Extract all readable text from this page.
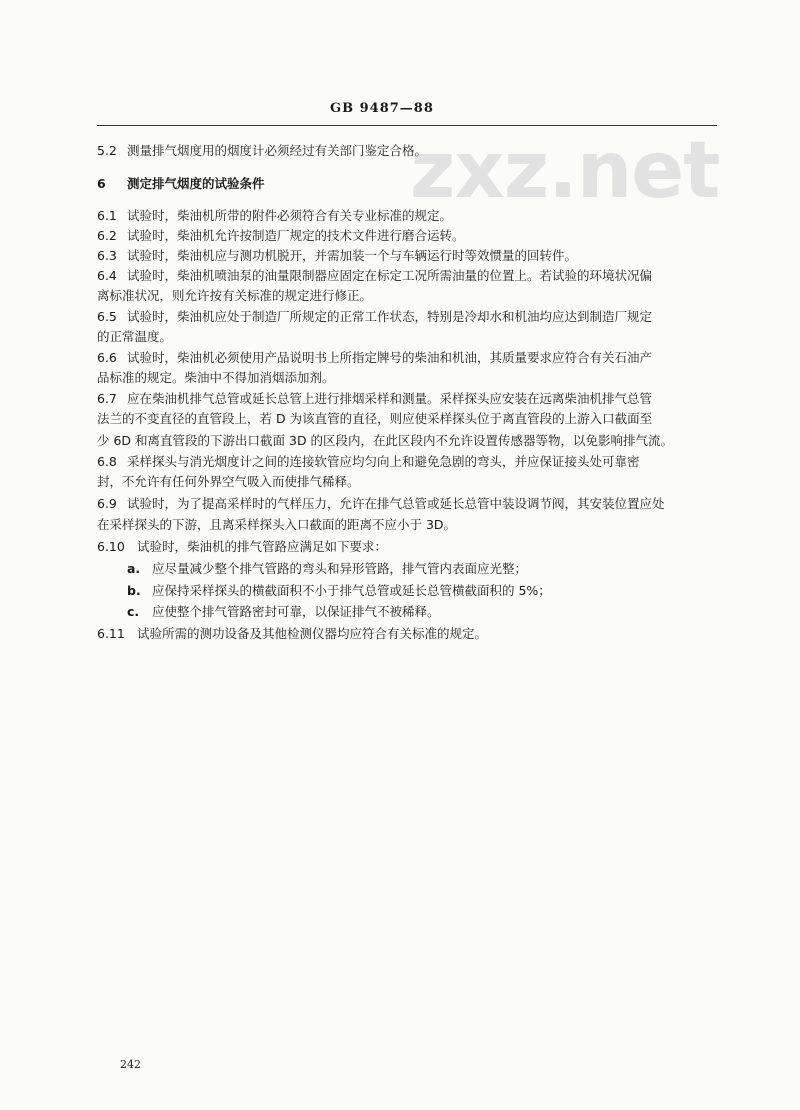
zxz.net
GB 9487—88
5.2 测量排气烟度用的烟度计必须经过有关部门鉴定合格。
6 测定排气烟度的试验条件
6.1 试验时，柴油机所带的附件必须符合有关专业标准的规定。
6.2 试验时，柴油机允许按制造厂规定的技术文件进行磨合运转。
6.3 试验时，柴油机应与测功机脱开，并需加装一个与车辆运行时等效惯量的回转件。
6.4 试验时，柴油机喷油泵的油量限制器应固定在标定工况所需油量的位置上。若试验的环境状况偏
离标准状况，则允许按有关标准的规定进行修正。
6.5 试验时，柴油机应处于制造厂所规定的正常工作状态，特别是冷却水和机油均应达到制造厂规定
的正常温度。
6.6 试验时，柴油机必须使用产品说明书上所指定牌号的柴油和机油，其质量要求应符合有关石油产
品标准的规定。柴油中不得加消烟添加剂。
6.7 应在柴油机排气总管或延长总管上进行排烟采样和测量。采样探头应安装在远离柴油机排气总管
法兰的不变直径的直管段上，若 D 为该直管的直径，则应使采样探头位于离直管段的上游入口截面至
少 6D 和离直管段的下游出口截面 3D 的区段内，在此区段内不允许设置传感器等物，以免影响排气流。
6.8 采样探头与消光烟度计之间的连接软管应均匀向上和避免急剧的弯头，并应保证接头处可靠密
封，不允许有任何外界空气吸入而使排气稀释。
6.9 试验时，为了提高采样时的气样压力，允许在排气总管或延长总管中装设调节阀，其安装位置应处
在采样探头的下游，且离采样探头入口截面的距离不应小于 3D。
6.10 试验时，柴油机的排气管路应满足如下要求：
a. 应尽量减少整个排气管路的弯头和异形管路，排气管内表面应光整；
b. 应保持采样探头的横截面积不小于排气总管或延长总管横截面积的 5%；
c. 应使整个排气管路密封可靠，以保证排气不被稀释。
6.11 试验所需的测功设备及其他检测仪器均应符合有关标准的规定。
242
